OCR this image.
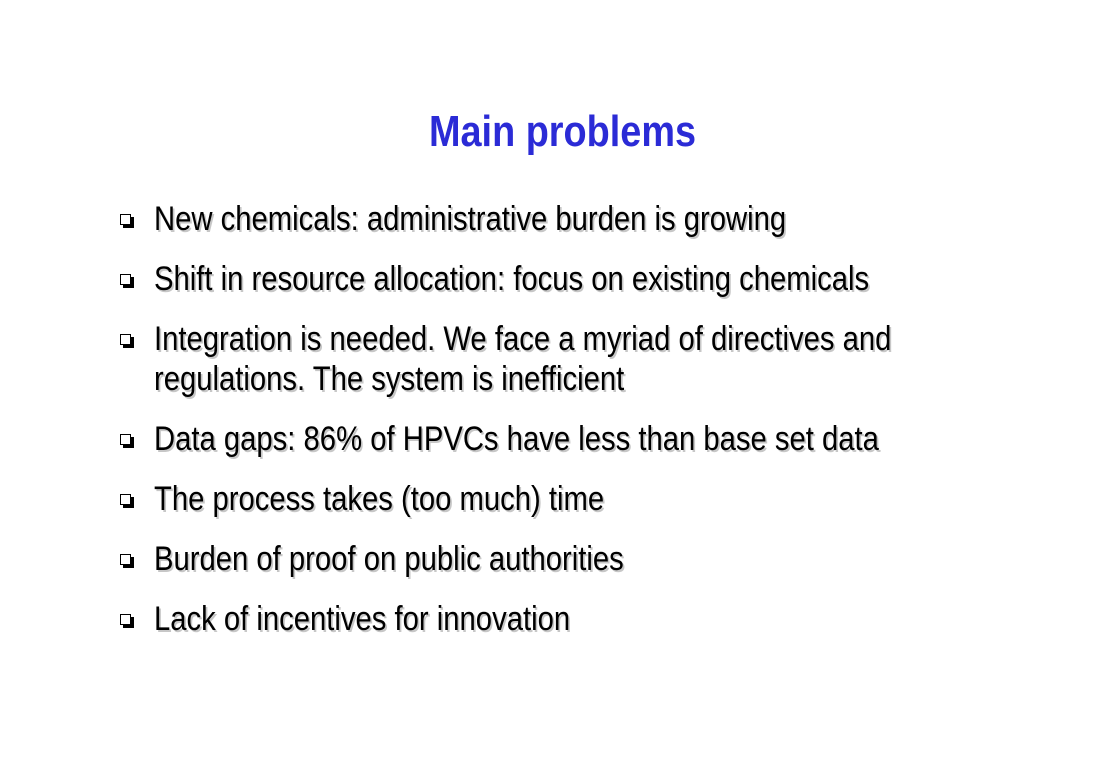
Main problems
New chemicals: administrative burden is growing
Shift in resource allocation: focus on existing chemicals
Integration is needed. We face a myriad of directives and regulations. The system is inefficient
Data gaps: 86% of HPVCs have less than base set data
The process takes (too much) time
Burden of proof on public authorities
Lack of incentives for innovation
